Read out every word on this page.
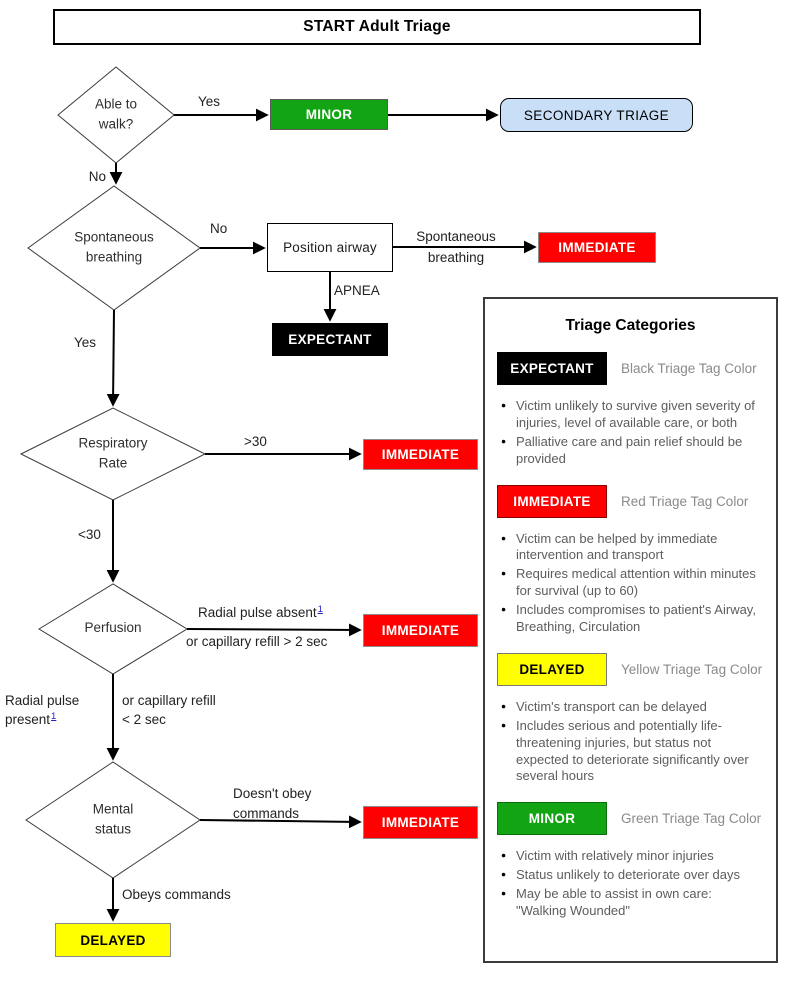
START Adult Triage
Able to walk?
Spontaneous breathing
Respiratory Rate
Perfusion
Mental status
MINOR	SECONDARY TRIAGE
Position airway	IMMEDIATE
EXPECTANT
IMMEDIATE
IMMEDIATE
IMMEDIATE
DELAYED
Yes
No
No
Spontaneous breathing
APNEA
Yes
>30
<30
Radial pulse absent$^1$
or capillary refill > 2 sec
Radial pulse present$^1$
or capillary refill < 2 sec
Doesn't obey commands
Obeys commands
Triage Categories
EXPECTANT	Black Triage Tag Color
● Victim unlikely to survive given severity of injuries, level of available care, or both
● Palliative care and pain relief should be provided
IMMEDIATE	Red Triage Tag Color
● Victim can be helped by immediate intervention and transport
● Requires medical attention within minutes for survival (up to 60)
● Includes compromises to patient's Airway, Breathing, Circulation
DELAYED	Yellow Triage Tag Color
● Victim's transport can be delayed
● Includes serious and potentially life-threatening injuries, but status not expected to deteriorate significantly over several hours
MINOR	Green Triage Tag Color
● Victim with relatively minor injuries
● Status unlikely to deteriorate over days
● May be able to assist in own care: "Walking Wounded"
